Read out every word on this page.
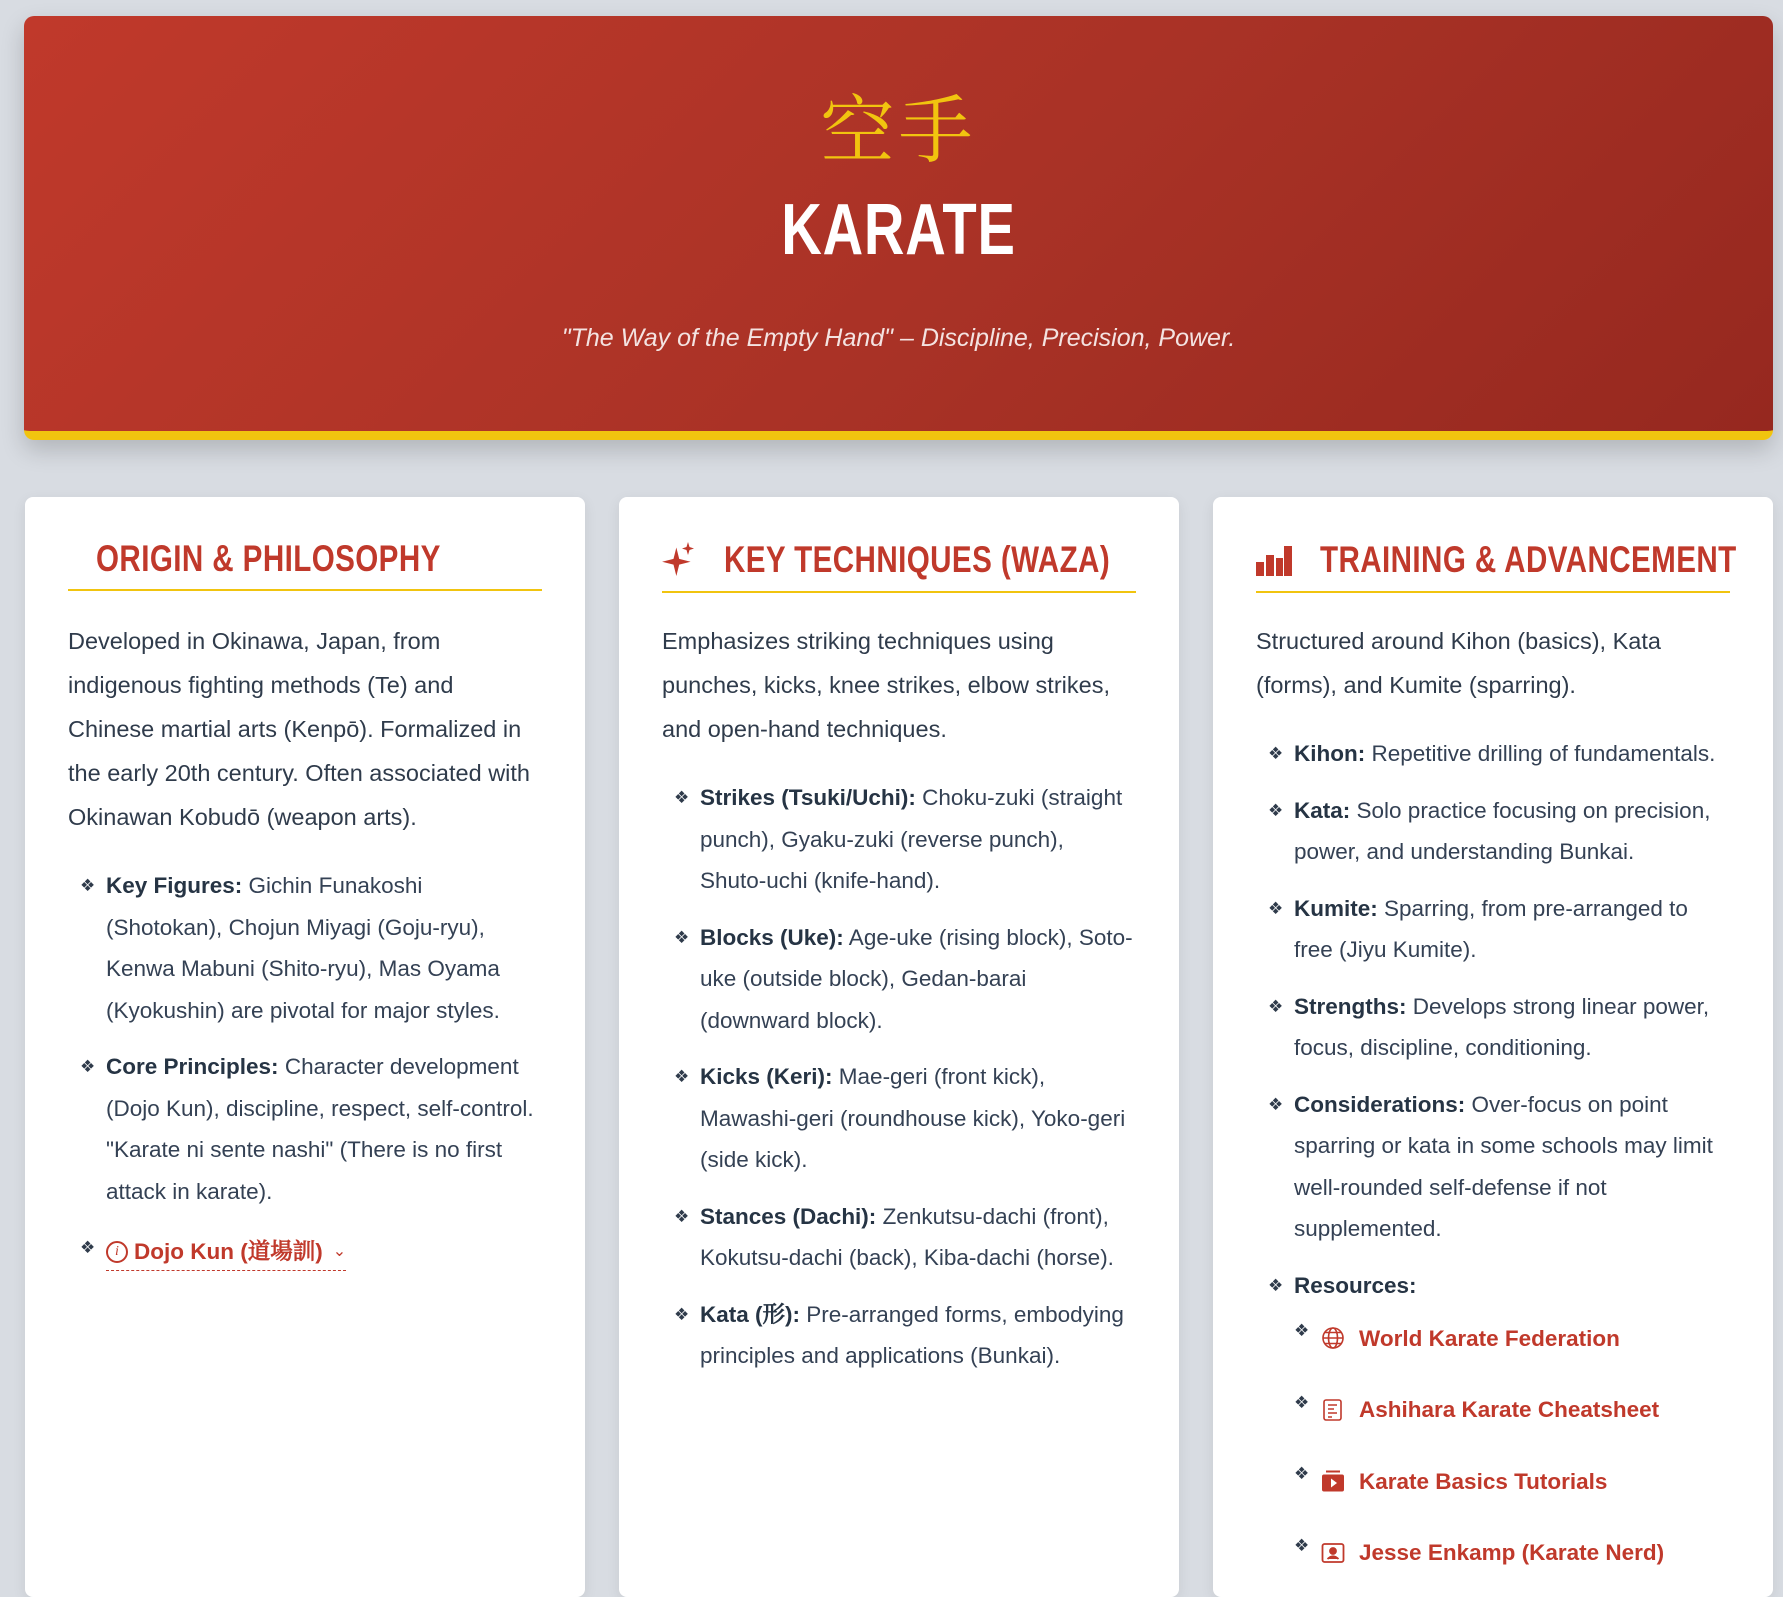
空手
KARATE
"The Way of the Empty Hand" – Discipline, Precision, Power.
ORIGIN & PHILOSOPHY

Developed in Okinawa, Japan, from indigenous fighting methods (Te) and Chinese martial arts (Kenpō). Formalized in the early 20th century. Often associated with Okinawan Kobudō (weapon arts).

❖ Key Figures: Gichin Funakoshi (Shotokan), Chojun Miyagi (Goju-ryu), Kenwa Mabuni (Shito-ryu), Mas Oyama (Kyokushin) are pivotal for major styles.
❖ Core Principles: Character development (Dojo Kun), discipline, respect, self-control. "Karate ni sente nashi" (There is no first attack in karate).
❖ i Dojo Kun (道場訓) ⌄
KEY TECHNIQUES (WAZA)

Emphasizes striking techniques using punches, kicks, knee strikes, elbow strikes, and open-hand techniques.

❖ Strikes (Tsuki/Uchi): Choku-zuki (straight punch), Gyaku-zuki (reverse punch), Shuto-uchi (knife-hand).
❖ Blocks (Uke): Age-uke (rising block), Soto-uke (outside block), Gedan-barai (downward block).
❖ Kicks (Keri): Mae-geri (front kick), Mawashi-geri (roundhouse kick), Yoko-geri (side kick).
❖ Stances (Dachi): Zenkutsu-dachi (front), Kokutsu-dachi (back), Kiba-dachi (horse).
❖ Kata (形): Pre-arranged forms, embodying principles and applications (Bunkai).
TRAINING & ADVANCEMENT

Structured around Kihon (basics), Kata (forms), and Kumite (sparring).

❖ Kihon: Repetitive drilling of fundamentals.
❖ Kata: Solo practice focusing on precision, power, and understanding Bunkai.
❖ Kumite: Sparring, from pre-arranged to free (Jiyu Kumite).
❖ Strengths: Develops strong linear power, focus, discipline, conditioning.
❖ Considerations: Over-focus on point sparring or kata in some schools may limit well-rounded self-defense if not supplemented.
❖ Resources:
❖ World Karate Federation
❖ Ashihara Karate Cheatsheet
❖ Karate Basics Tutorials
❖ Jesse Enkamp (Karate Nerd)
